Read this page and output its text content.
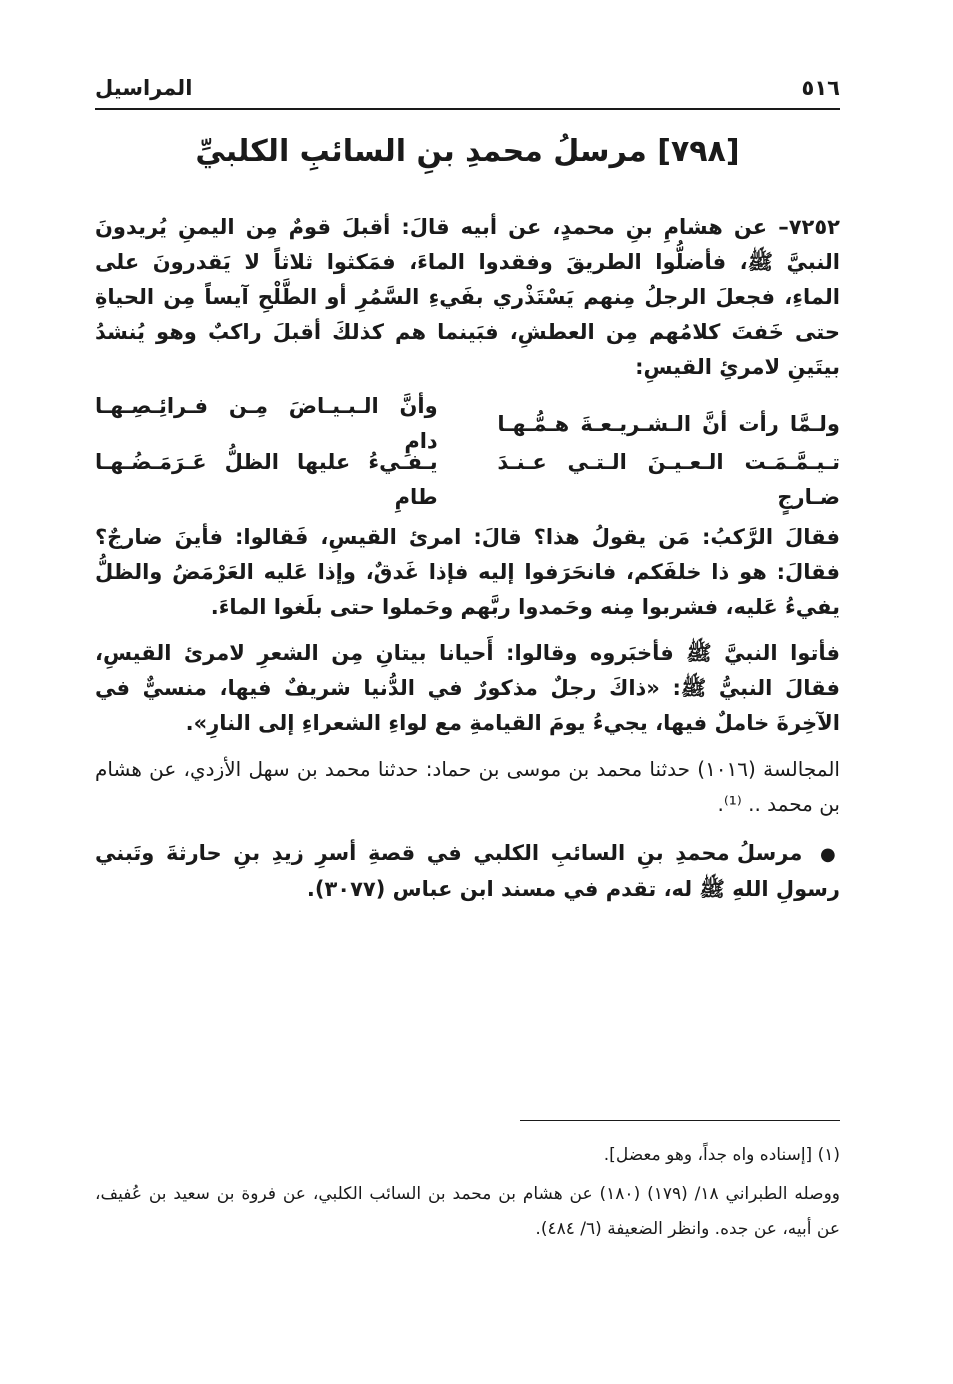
٥١٦
المراسيل
[٧٩٨] مرسلُ محمدِ بنِ السائبِ الكلبيِّ

٧٢٥٢– عن هشامِ بنِ محمدٍ، عن أبيه قالَ: أقبلَ قومٌ مِن اليمنِ يُريدونَ النبيَّ ﷺ، فأضلُّوا الطريقَ وفقدوا الماءَ، فمَكثوا ثلاثاً لا يَقدرونَ على الماءِ، فجعلَ الرجلُ مِنهم يَسْتَذْري بفَيءِ السَّمُرِ أو الطَّلْحِ آيساً مِن الحياةِ حتى خَفتَ كلامُهم مِن العطشِ، فبَينما هم كذلكَ أقبلَ راكبٌ وهو يُنشدُ بيتَينِ لامرئِ القيسِ:

ولـمَّا رأت أنَّ الـشـريـعـةَ هـمُّـهـا
وأنَّ الـبـيـاضَ مِـن فـرائِـصِـهـا دامِ
تـيـمَّـمَـت الـعـيـنَ الـتـي عـنـدَ ضـارجٍ
يـفـيءُ عليها الظلُّ عَـرَمَـضُـهـا طامِ

فقالَ الرَّكبُ: مَن يقولُ هذا؟ قالَ: امرئ القيسِ، فَقالوا: فأينَ ضارجٌ؟ فقالَ: هو ذا خلفَكم، فانحَرَفوا إليه فإذا غَدقٌ، وإذا عَليه العَرْمَضُ والظلُّ يفيءُ عَليه، فشربوا مِنه وحَمدوا ربَّهم وحَملوا حتى بلَغوا الماءَ.

فأتوا النبيَّ ﷺ فأخبَروه وقالوا: أَحيانا بيتانِ مِن الشعرِ لامرئ القيسِ، فقالَ النبيُّ ﷺ: «ذاكَ رجلٌ مذكورٌ في الدُّنيا شريفٌ فيها، منسيٌّ في الآخِرةَ خاملٌ فيها، يجيءُ يومَ القيامةِ مع لواءِ الشعراءِ إلى النارِ».

المجالسة (١٠١٦) حدثنا محمد بن موسى بن حماد: حدثنا محمد بن سهل الأزدي، عن هشام بن محمد .. ⁽¹⁾.

● مرسلُ محمدِ بنِ السائبِ الكلبي في قصةِ أسرِ زيدِ بنِ حارثةَ وتَبني رسولِ اللهِ ﷺ له، تقدم في مسند ابن عباس (٣٠٧٧).

(١) [إسناده واه جداً، وهو معضل].

ووصله الطبراني ١٨/ (١٧٩) (١٨٠) عن هشام بن محمد بن السائب الكلبي، عن فروة بن سعيد بن عُفيف، عن أبيه، عن جده. وانظر الضعيفة (٦/ ٤٨٤).
